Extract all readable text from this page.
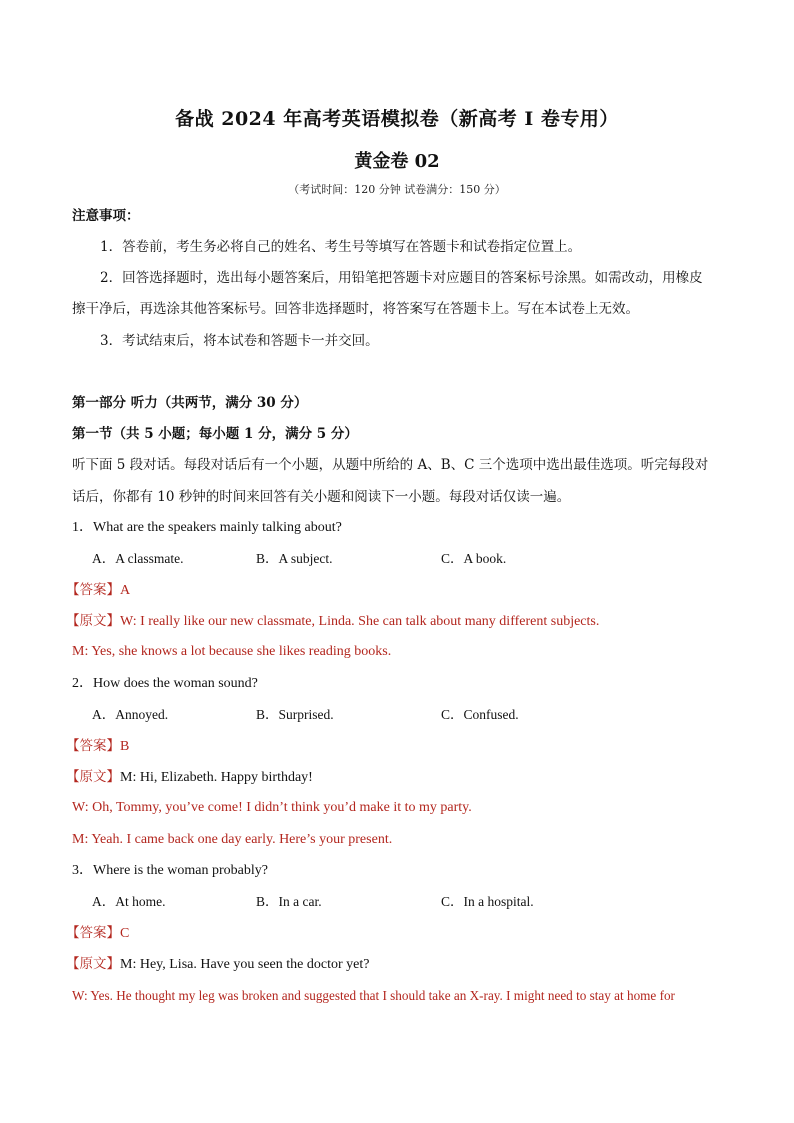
备战 2024 年高考英语模拟卷（新高考 I 卷专用）
黄金卷 02
（考试时间：120 分钟 试卷满分：150 分）
注意事项：
1．答卷前，考生务必将自己的姓名、考生号等填写在答题卡和试卷指定位置上。
2．回答选择题时，选出每小题答案后，用铅笔把答题卡对应题目的答案标号涂黑。如需改动，用橡皮
擦干净后，再选涂其他答案标号。回答非选择题时，将答案写在答题卡上。写在本试卷上无效。
3．考试结束后，将本试卷和答题卡一并交回。
第一部分 听力（共两节，满分 30 分）
第一节（共 5 小题；每小题 1 分，满分 5 分）
听下面 5 段对话。每段对话后有一个小题，从题中所给的 A、B、C 三个选项中选出最佳选项。听完每段对
话后，你都有 10 秒钟的时间来回答有关小题和阅读下一小题。每段对话仅读一遍。
1．What are the speakers mainly talking about?
A．A classmate.	B．A subject.	C．A book.
【答案】A
【原文】W: I really like our new classmate, Linda. She can talk about many different subjects.
M: Yes, she knows a lot because she likes reading books.
2．How does the woman sound?
A．Annoyed.	B．Surprised.	C．Confused.
【答案】B
【原文】M: Hi, Elizabeth. Happy birthday!
W: Oh, Tommy, you’ve come! I didn’t think you’d make it to my party.
M: Yeah. I came back one day early. Here’s your present.
3．Where is the woman probably?
A．At home.	B．In a car.	C．In a hospital.
【答案】C
【原文】M: Hey, Lisa. Have you seen the doctor yet?
W: Yes. He thought my leg was broken and suggested that I should take an X-ray. I might need to stay at home for
